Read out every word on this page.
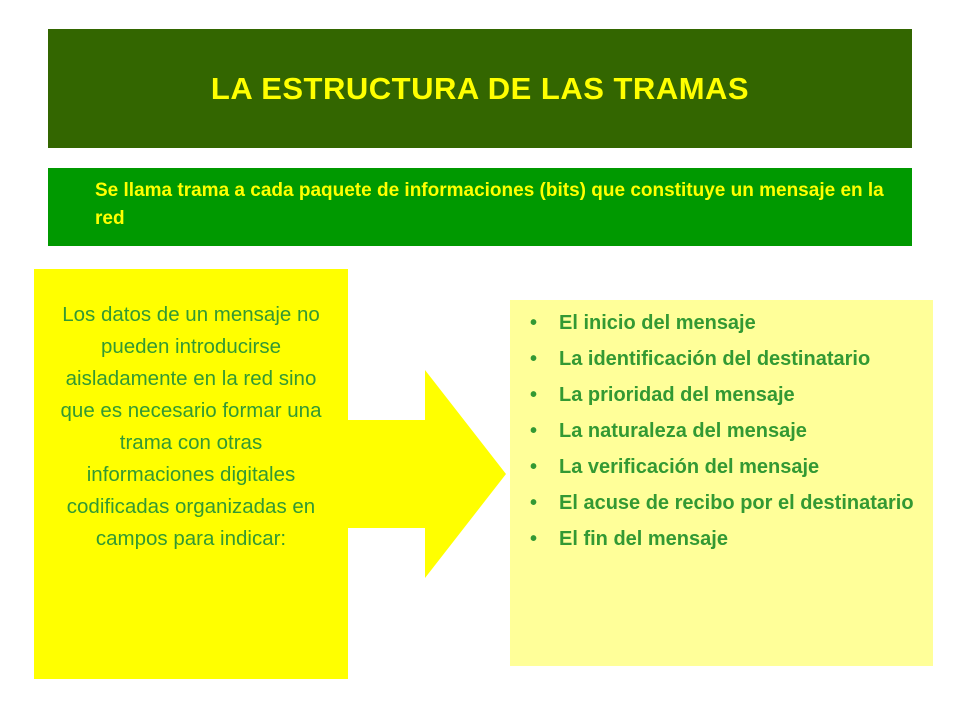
LA ESTRUCTURA DE LAS TRAMAS
Se llama trama a cada paquete de informaciones (bits) que constituye un mensaje en la red
Los datos de un mensaje no pueden introducirse aisladamente en la red sino que es necesario formar una trama con otras informaciones digitales codificadas organizadas en campos para indicar:
• El inicio del mensaje
• La identificación del destinatario
• La prioridad del mensaje
• La naturaleza del mensaje
• La verificación del mensaje
• El acuse de recibo por el destinatario
• El fin del mensaje
